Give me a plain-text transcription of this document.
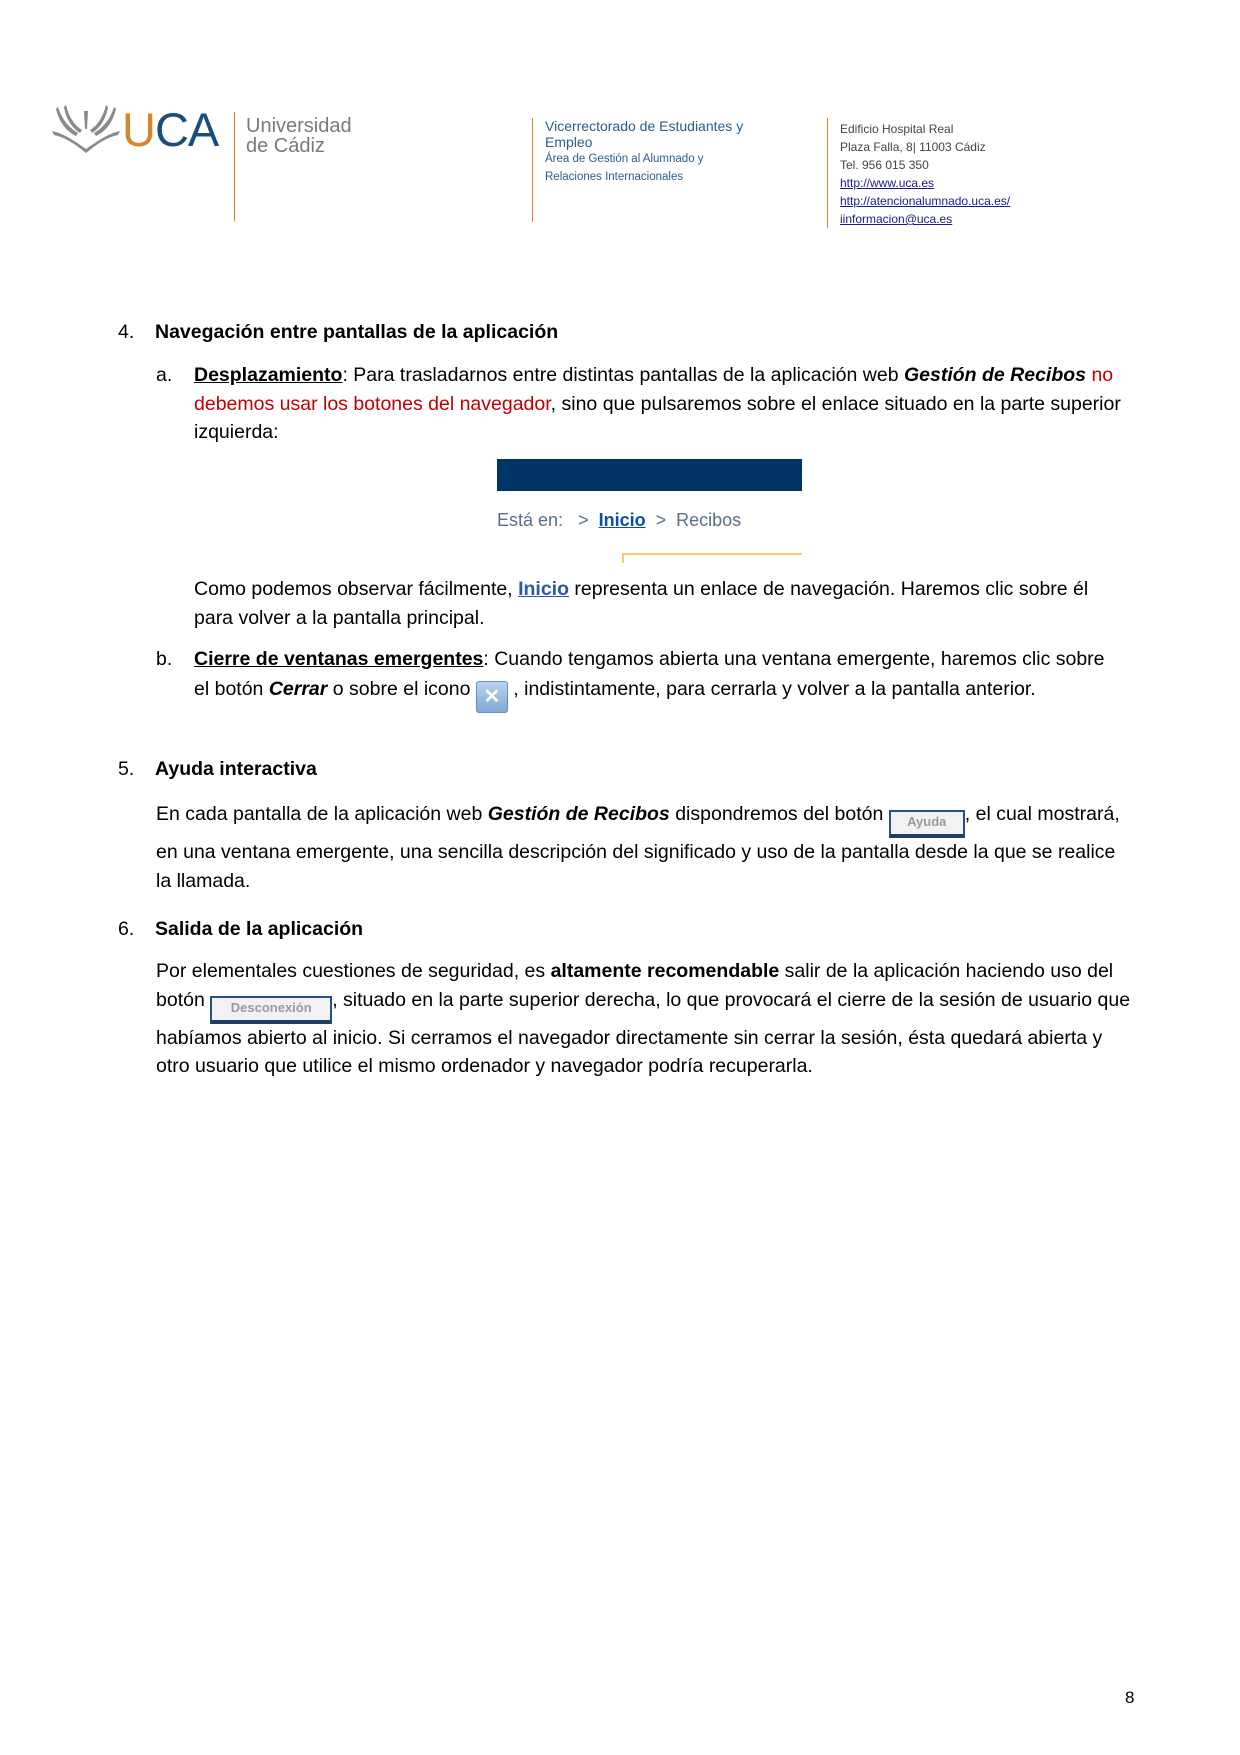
UCA Universidad
de Cádiz
Vicerrectorado de Estudiantes y
Empleo
Área de Gestión al Alumnado y
Relaciones Internacionales
Edificio Hospital Real
Plaza Falla, 8| 11003 Cádiz
Tel. 956 015 350
http://www.uca.es
http://atencionalumnado.uca.es/
iinformacion@uca.es
4. Navegación entre pantallas de la aplicación
a. Desplazamiento: Para trasladarnos entre distintas pantallas de la aplicación web Gestión de Recibos no debemos usar los botones del navegador, sino que pulsaremos sobre el enlace situado en la parte superior izquierda:
Está en: > Inicio > Recibos
Como podemos observar fácilmente, Inicio representa un enlace de navegación. Haremos clic sobre él para volver a la pantalla principal.
b. Cierre de ventanas emergentes: Cuando tengamos abierta una ventana emergente, haremos clic sobre el botón Cerrar o sobre el icono ✕ , indistintamente, para cerrarla y volver a la pantalla anterior.
5. Ayuda interactiva
En cada pantalla de la aplicación web Gestión de Recibos dispondremos del botón Ayuda , el cual mostrará, en una ventana emergente, una sencilla descripción del significado y uso de la pantalla desde la que se realice la llamada.
6. Salida de la aplicación
Por elementales cuestiones de seguridad, es altamente recomendable salir de la aplicación haciendo uso del botón Desconexión , situado en la parte superior derecha, lo que provocará el cierre de la sesión de usuario que habíamos abierto al inicio. Si cerramos el navegador directamente sin cerrar la sesión, ésta quedará abierta y otro usuario que utilice el mismo ordenador y navegador podría recuperarla.
8
